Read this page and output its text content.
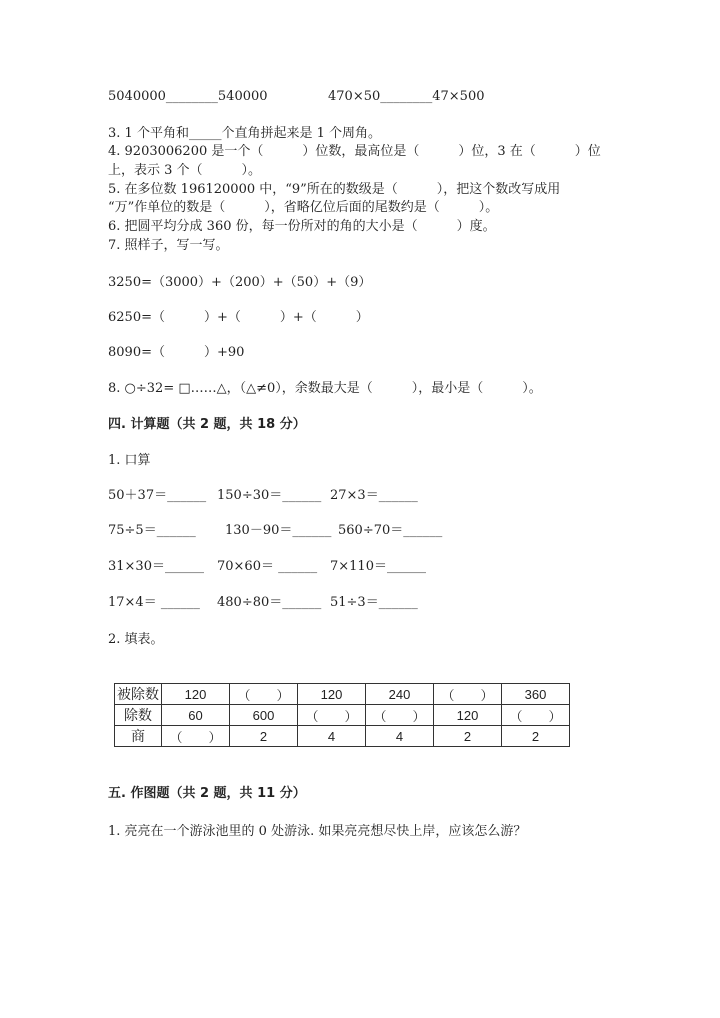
5040000________540000	470×50________47×500
3. 1 个平角和_____个直角拼起来是 1 个周角。
4. 9203006200 是一个（　　　）位数，最高位是（　　　）位，3 在（　　　）位
上，表示 3 个（　　　）。
5. 在多位数 196120000 中，“9”所在的数级是（　　　），把这个数改写成用
“万”作单位的数是（　　　），省略亿位后面的尾数约是（　　　）。
6. 把圆平均分成 360 份，每一份所对的角的大小是（　　　）度。
7. 照样子，写一写。
3250=（3000）+（200）+（50）+（9）
6250=（　　　）+（　　　）+（　　　）
8090=（　　　）+90
8. ○÷32= □……△，（△≠0），余数最大是（　　　），最小是（　　　）。
四. 计算题（共 2 题，共 18 分）
1. 口算
50＋37＝______ 150÷30＝______ 27×3＝______
75÷5＝______ 130－90＝______ 560÷70＝______
31×30＝______ 70×60＝ ______ 7×110＝______
17×4＝ ______ 480÷80＝______ 51÷3＝______
2. 填表。
被除数	120	（　　）	120	240	（　　）	360
除数	60	600	（　　）	（　　）	120	（　　）
商	（　　）	2	4	4	2	2
五. 作图题（共 2 题，共 11 分）
1. 亮亮在一个游泳池里的 0 处游泳. 如果亮亮想尽快上岸，应该怎么游？
